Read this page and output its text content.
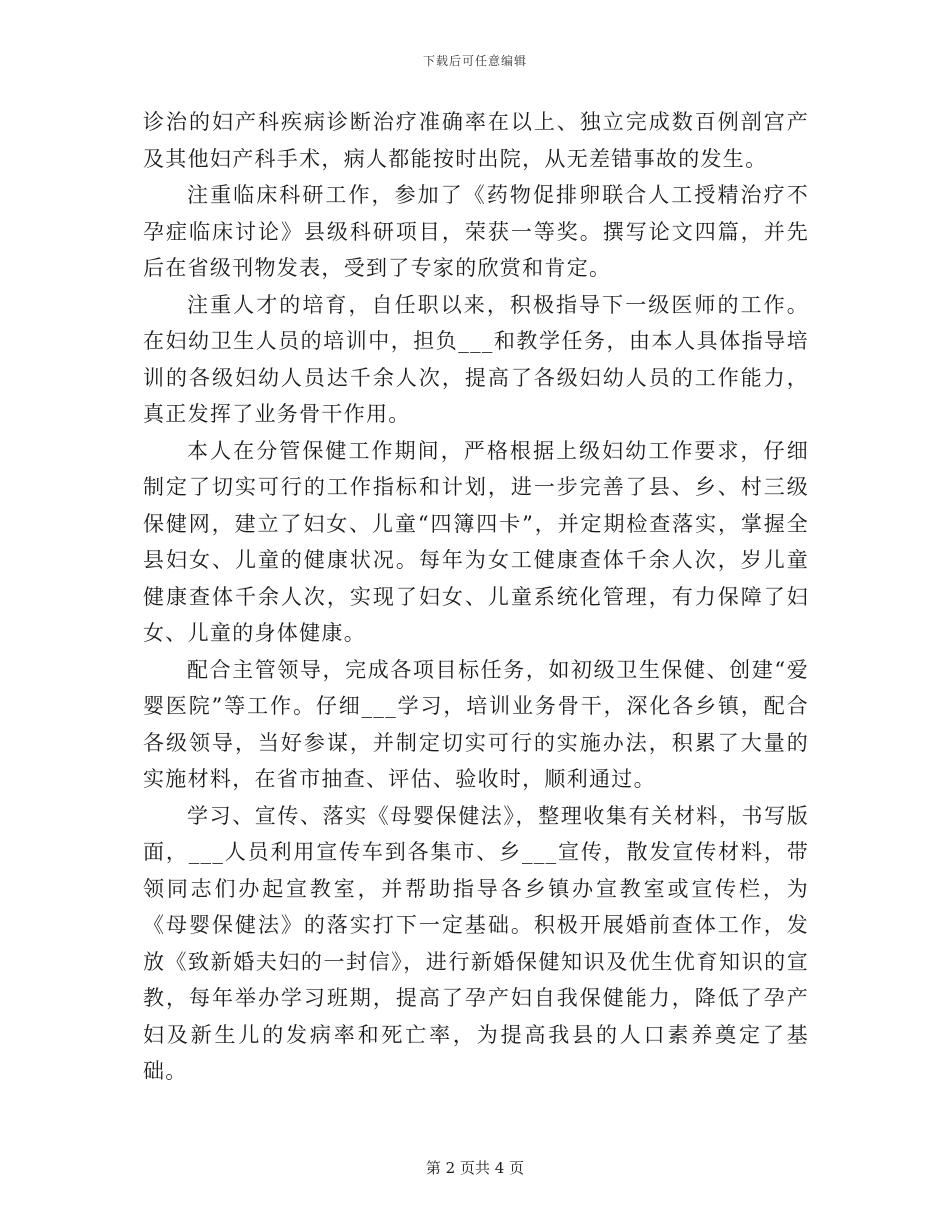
下载后可任意编辑

诊治的妇产科疾病诊断治疗准确率在以上、独立完成数百例剖宫产及其他妇产科手术，病人都能按时出院，从无差错事故的发生。

注重临床科研工作，参加了《药物促排卵联合人工授精治疗不孕症临床讨论》县级科研项目，荣获一等奖。撰写论文四篇，并先后在省级刊物发表，受到了专家的欣赏和肯定。

注重人才的培育，自任职以来，积极指导下一级医师的工作。在妇幼卫生人员的培训中，担负___和教学任务，由本人具体指导培训的各级妇幼人员达千余人次，提高了各级妇幼人员的工作能力，真正发挥了业务骨干作用。

本人在分管保健工作期间，严格根据上级妇幼工作要求，仔细制定了切实可行的工作指标和计划，进一步完善了县、乡、村三级保健网，建立了妇女、儿童“四簿四卡”，并定期检查落实，掌握全县妇女、儿童的健康状况。每年为女工健康查体千余人次，岁儿童健康查体千余人次，实现了妇女、儿童系统化管理，有力保障了妇女、儿童的身体健康。

配合主管领导，完成各项目标任务，如初级卫生保健、创建“爱婴医院”等工作。仔细___学习，培训业务骨干，深化各乡镇，配合各级领导，当好参谋，并制定切实可行的实施办法，积累了大量的实施材料，在省市抽查、评估、验收时，顺利通过。

学习、宣传、落实《母婴保健法》，整理收集有关材料，书写版面，___人员利用宣传车到各集市、乡___宣传，散发宣传材料，带领同志们办起宣教室，并帮助指导各乡镇办宣教室或宣传栏，为《母婴保健法》的落实打下一定基础。积极开展婚前查体工作，发放《致新婚夫妇的一封信》，进行新婚保健知识及优生优育知识的宣教，每年举办学习班期，提高了孕产妇自我保健能力，降低了孕产妇及新生儿的发病率和死亡率，为提高我县的人口素养奠定了基础。

第 2 页共 4 页
